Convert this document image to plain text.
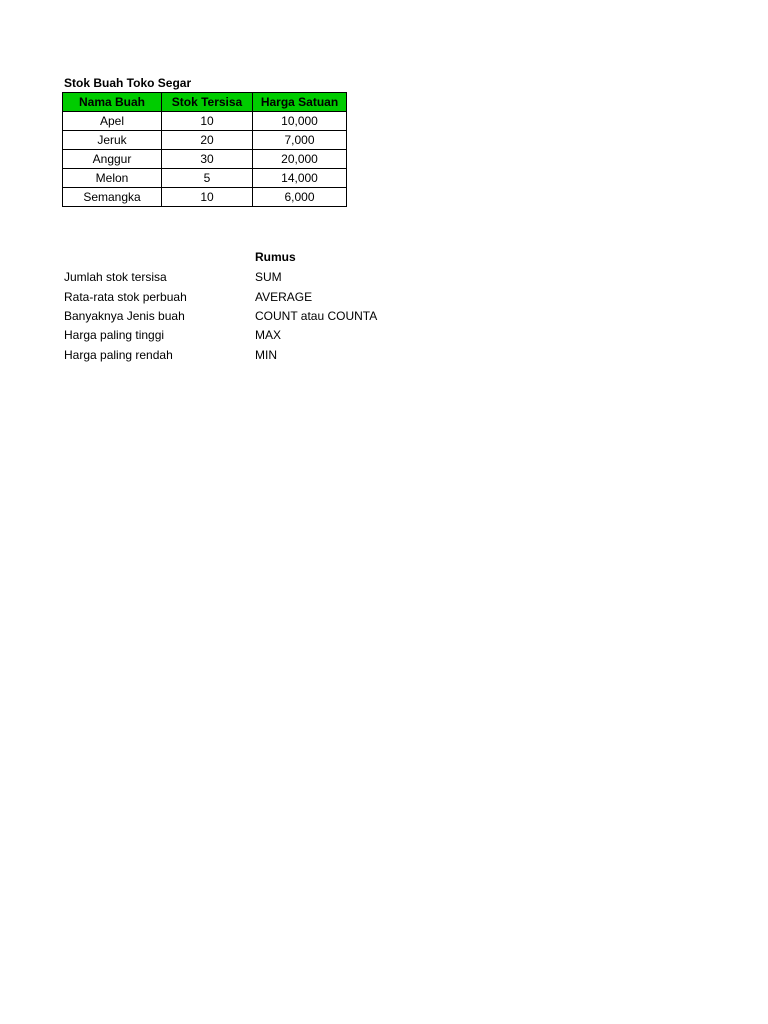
Stok Buah Toko Segar
Nama Buah	Stok Tersisa	Harga Satuan
Apel	10	10,000
Jeruk	20	7,000
Anggur	30	20,000
Melon	5	14,000
Semangka	10	6,000
Rumus
Jumlah stok tersisa	SUM
Rata-rata stok perbuah	AVERAGE
Banyaknya Jenis buah	COUNT atau COUNTA
Harga paling tinggi	MAX
Harga paling rendah	MIN
